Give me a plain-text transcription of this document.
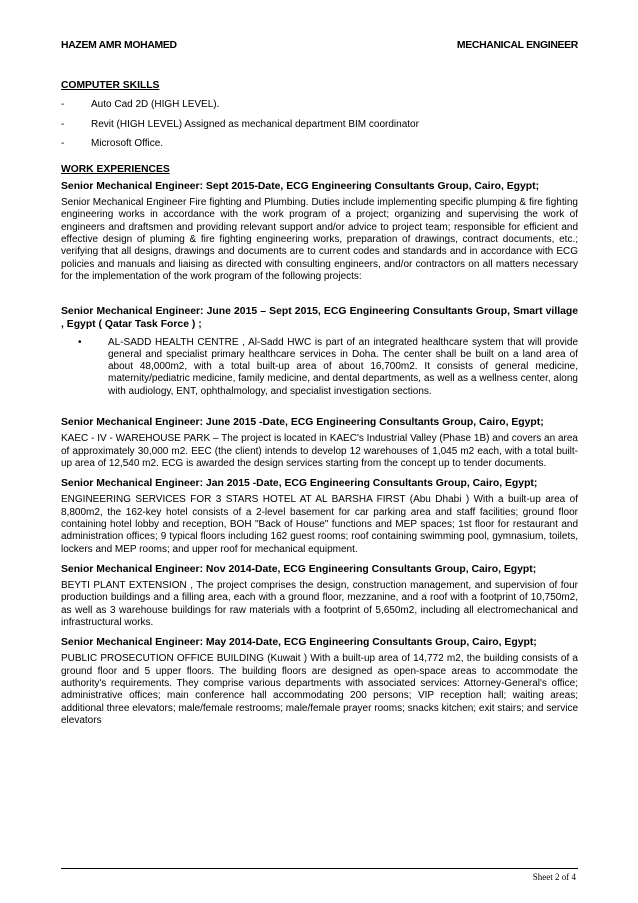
HAZEM AMR MOHAMED	MECHANICAL ENGINEER

COMPUTER SKILLS

-	Auto Cad 2D (HIGH LEVEL).
-	Revit (HIGH LEVEL) Assigned as mechanical department BIM coordinator
-	Microsoft Office.

WORK EXPERIENCES

Senior Mechanical Engineer: Sept 2015-Date, ECG Engineering Consultants Group, Cairo, Egypt;

Senior Mechanical Engineer Fire fighting and Plumbing. Duties include implementing specific plumping & fire fighting engineering works in accordance with the work program of a project; organizing and supervising the work of engineers and draftsmen and providing relevant support and/or advice to project team; responsible for efficient and effective design of pluming & fire fighting engineering works, preparation of drawings, contract documents, etc.; verifying that all designs, drawings and documents are to current codes and standards and in accordance with ECG policies and manuals and liaising as directed with consulting engineers, and/or contractors on all matters necessary for the implementation of the work program of the following projects:

Senior Mechanical Engineer: June 2015 – Sept 2015, ECG Engineering Consultants Group, Smart village , Egypt ( Qatar Task Force ) ;

•	AL-SADD HEALTH CENTRE , Al-Sadd HWC is part of an integrated healthcare system that will provide general and specialist primary healthcare services in Doha. The center shall be built on a land area of about 48,000m2, with a total built-up area of about 16,700m2. It consists of general medicine, maternity/pediatric medicine, family medicine, and dental departments, as well as a wellness center, along with audiology, ENT, ophthalmology, and specialist investigation sections.

Senior Mechanical Engineer: June 2015 -Date, ECG Engineering Consultants Group, Cairo, Egypt;

KAEC - IV - WAREHOUSE PARK – The project is located in KAEC's Industrial Valley (Phase 1B) and covers an area of approximately 30,000 m2. EEC (the client) intends to develop 12 warehouses of 1,045 m2 each, with a total built-up area of 12,540 m2. ECG is awarded the design services starting from the concept up to tender documents.

Senior Mechanical Engineer: Jan 2015 -Date, ECG Engineering Consultants Group, Cairo, Egypt;

ENGINEERING SERVICES FOR 3 STARS HOTEL AT AL BARSHA FIRST (Abu Dhabi ) With a built-up area of 8,800m2, the 162-key hotel consists of a 2-level basement for car parking area and staff facilities; ground floor containing hotel lobby and reception, BOH "Back of House" functions and MEP spaces; 1st floor for restaurant and administration offices; 9 typical floors including 162 guest rooms; roof containing swimming pool, gymnasium, toilets, lockers and MEP rooms; and upper roof for mechanical equipment.

Senior Mechanical Engineer: Nov 2014-Date, ECG Engineering Consultants Group, Cairo, Egypt;

BEYTI PLANT EXTENSION , The project comprises the design, construction management, and supervision of four production buildings and a filling area, each with a ground floor, mezzanine, and a roof with a footprint of 10,750m2, as well as 3 warehouse buildings for raw materials with a footprint of 5,650m2, including all electromechanical and infrastructural works.

Senior Mechanical Engineer: May 2014-Date, ECG Engineering Consultants Group, Cairo, Egypt;

PUBLIC PROSECUTION OFFICE BUILDING (Kuwait ) With a built-up area of 14,772 m2, the building consists of a ground floor and 5 upper floors. The building floors are designed as open-space areas to accommodate the authority's requirements. They comprise various departments with associated services: Attorney-General's office; administrative offices; main conference hall accommodating 200 persons; VIP reception hall; waiting areas; additional three elevators; male/female restrooms; male/female prayer rooms; snacks kitchen; exit stairs; and service elevators

Sheet 2 of 4
